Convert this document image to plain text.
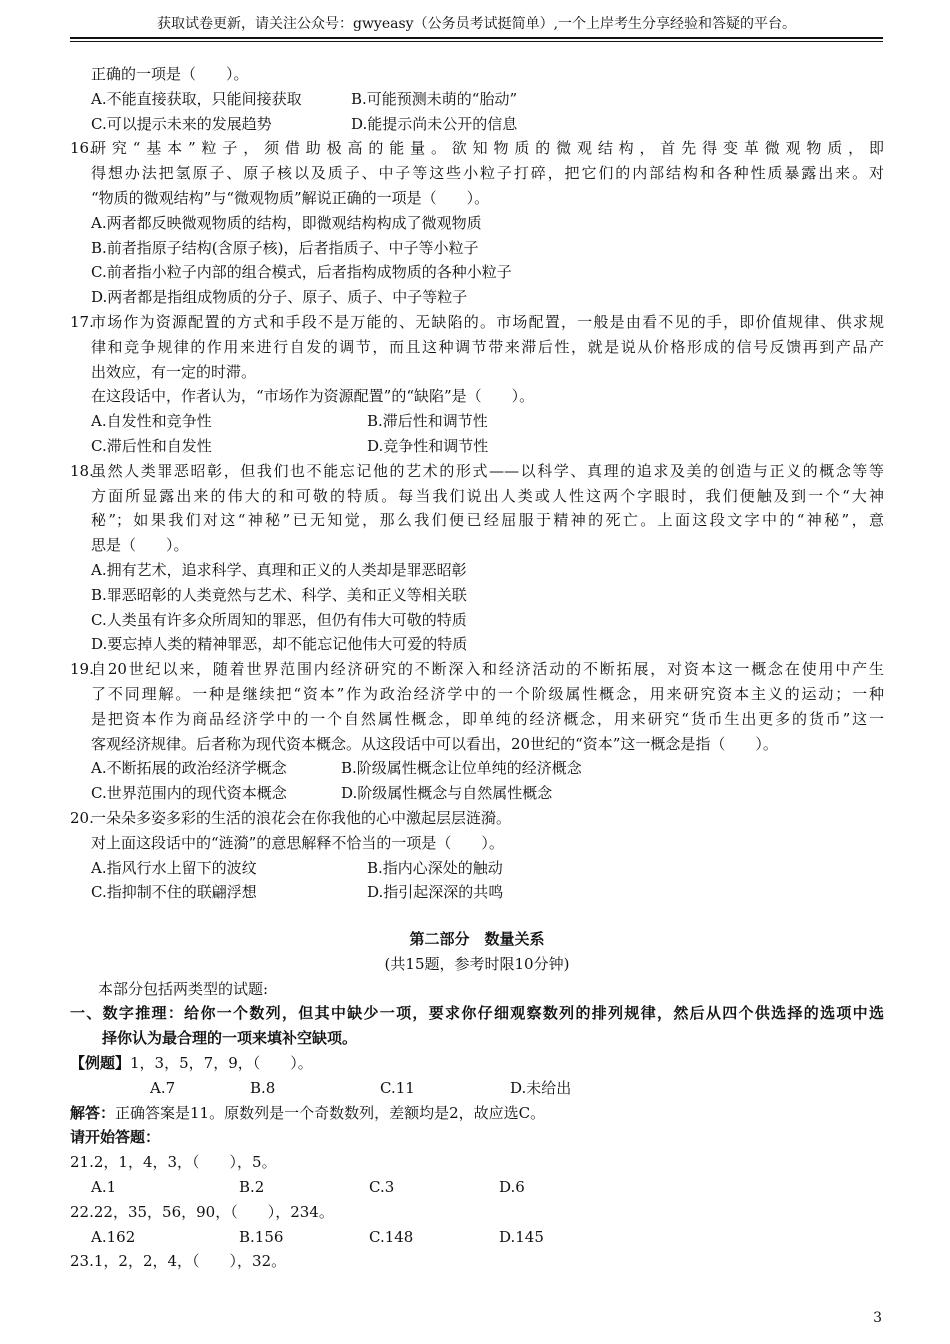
获取试卷更新，请关注公众号：gwyeasy（公务员考试挺简单）,一个上岸考生分享经验和答疑的平台。
正确的一项是（　　）。
A.不能直接获取，只能间接获取	B.可能预测未萌的“胎动”
C.可以提示未来的发展趋势	D.能提示尚未公开的信息
16.
研究“基本”粒子，须借助极高的能量。欲知物质的微观结构，首先得变革微观物质，即
得想办法把氢原子、原子核以及质子、中子等这些小粒子打碎，把它们的内部结构和各种性质暴露出来。对
“物质的微观结构”与“微观物质”解说正确的一项是（　　）。
A.两者都反映微观物质的结构，即微观结构构成了微观物质
B.前者指原子结构(含原子核)，后者指质子、中子等小粒子
C.前者指小粒子内部的组合模式，后者指构成物质的各种小粒子
D.两者都是指组成物质的分子、原子、质子、中子等粒子
17.
市场作为资源配置的方式和手段不是万能的、无缺陷的。市场配置，一般是由看不见的手，即价值规律、供求规
律和竞争规律的作用来进行自发的调节，而且这种调节带来滞后性，就是说从价格形成的信号反馈再到产品产
出效应，有一定的时滞。
在这段话中，作者认为，“市场作为资源配置”的“缺陷”是（　　）。
A.自发性和竞争性	B.滞后性和调节性
C.滞后性和自发性	D.竞争性和调节性
18.
虽然人类罪恶昭彰，但我们也不能忘记他的艺术的形式——以科学、真理的追求及美的创造与正义的概念等等
方面所显露出来的伟大的和可敬的特质。每当我们说出人类或人性这两个字眼时，我们便触及到一个“大神
秘”；如果我们对这“神秘”已无知觉，那么我们便已经屈服于精神的死亡。上面这段文字中的“神秘”，意
思是（　　）。
A.拥有艺术，追求科学、真理和正义的人类却是罪恶昭彰
B.罪恶昭彰的人类竟然与艺术、科学、美和正义等相关联
C.人类虽有许多众所周知的罪恶，但仍有伟大可敬的特质
D.要忘掉人类的精神罪恶，却不能忘记他伟大可爱的特质
19.
自20世纪以来，随着世界范围内经济研究的不断深入和经济活动的不断拓展，对资本这一概念在使用中产生
了不同理解。一种是继续把“资本”作为政治经济学中的一个阶级属性概念，用来研究资本主义的运动；一种
是把资本作为商品经济学中的一个自然属性概念，即单纯的经济概念，用来研究“货币生出更多的货币”这一
客观经济规律。后者称为现代资本概念。从这段话中可以看出，20世纪的“资本”这一概念是指（　　）。
A.不断拓展的政治经济学概念	B.阶级属性概念让位单纯的经济概念
C.世界范围内的现代资本概念	D.阶级属性概念与自然属性概念
20.
一朵朵多姿多彩的生活的浪花会在你我他的心中激起层层涟漪。
对上面这段话中的“涟漪”的意思解释不恰当的一项是（　　）。
A.指风行水上留下的波纹	B.指内心深处的触动
C.指抑制不住的联翩浮想	D.指引起深深的共鸣
第二部分　数量关系
(共15题，参考时限10分钟)
本部分包括两类型的试题:
一、数字推理：给你一个数列，但其中缺少一项，要求你仔细观察数列的排列规律，然后从四个供选择的选项中选
择你认为最合理的一项来填补空缺项。
【例题】1，3，5，7，9，（　　）。
A.7	B.8	C.11	D.未给出
解答：正确答案是11。原数列是一个奇数数列，差额均是2，故应选C。
请开始答题：
21.2，1，4，3，（　　），5。
A.1	B.2	C.3	D.6
22.22，35，56，90，（　　），234。
A.162	B.156	C.148	D.145
23.1，2，2，4，（　　），32。
3
